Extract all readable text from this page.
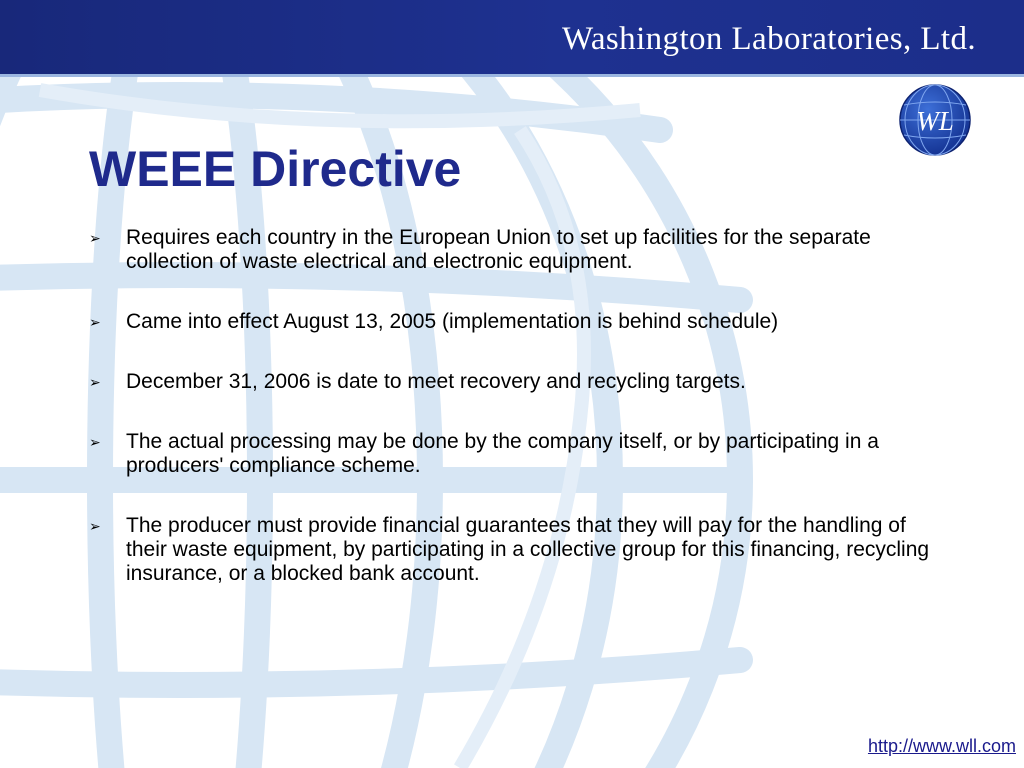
Washington Laboratories, Ltd.
WL
WEEE Directive
➢ Requires each country in the European Union to set up facilities for the separate collection of waste electrical and electronic equipment.
➢ Came into effect August 13, 2005 (implementation is behind schedule)
➢ December 31, 2006 is date to meet recovery and recycling targets.
➢ The actual processing may be done by the company itself, or by participating in a producers' compliance scheme.
➢ The producer must provide financial guarantees that they will pay for the handling of their waste equipment, by participating in a collective group for this financing, recycling insurance, or a blocked bank account.
http://www.wll.com
